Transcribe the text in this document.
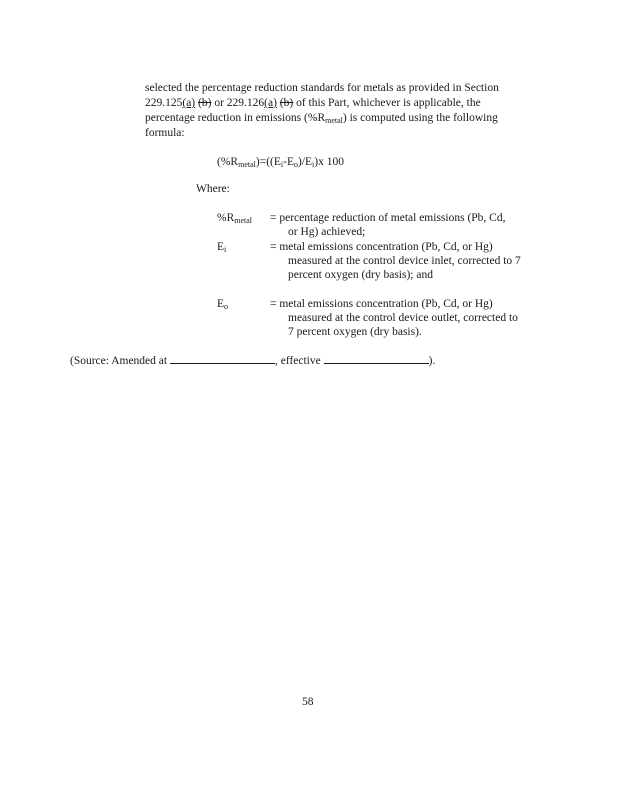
selected the percentage reduction standards for metals as provided in Section
229.125(a) (b) or 229.126(a) (b) of this Part, whichever is applicable, the
percentage reduction in emissions $(\%R_{metal})$ is computed using the following
formula:
$(\%R_{metal})=((E_i-E_o)/E_i)x$ 100
Where:
$\%R_{metal}$ = percentage reduction of metal emissions (Pb, Cd,
or Hg) achieved;
$E_i$	= metal emissions concentration (Pb, Cd, or Hg)
measured at the control device inlet, corrected to 7
percent oxygen (dry basis); and
$E_o$	= metal emissions concentration (Pb, Cd, or Hg)
measured at the control device outlet, corrected to
7 percent oxygen (dry basis).
(Source: Amended at	, effective	).
58
